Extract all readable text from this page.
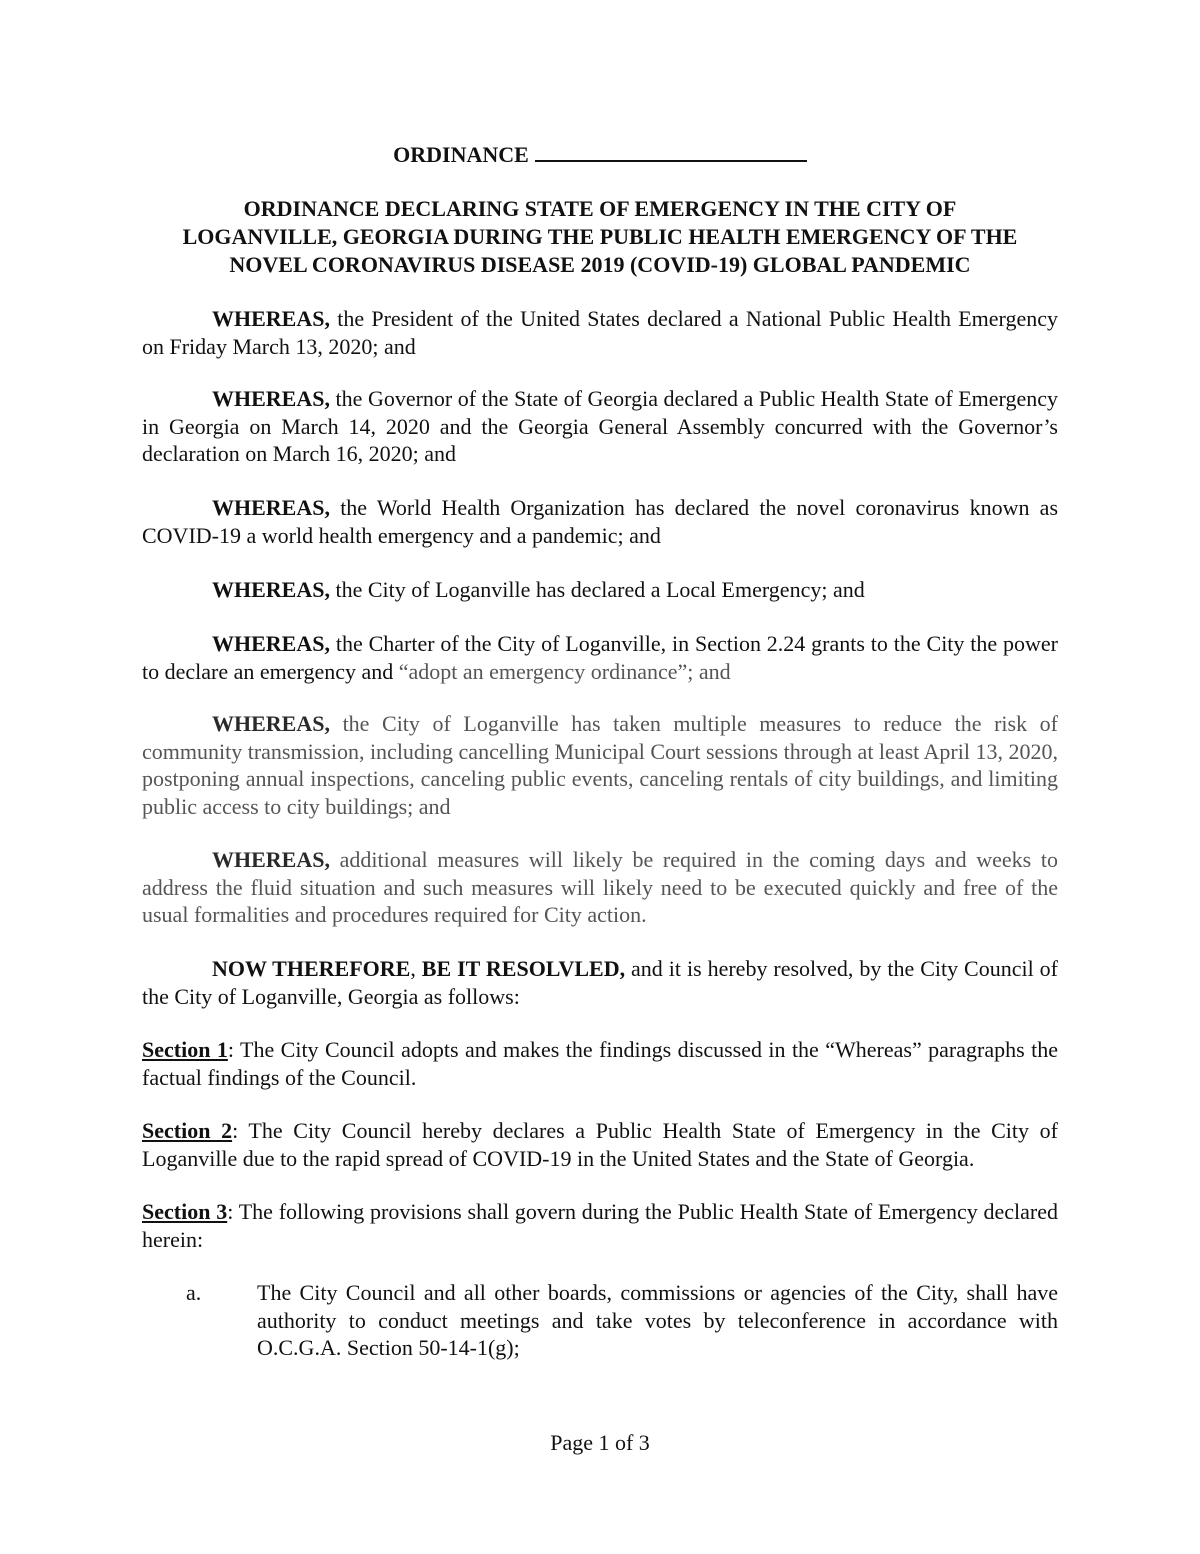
ORDINANCE
ORDINANCE DECLARING STATE OF EMERGENCY IN THE CITY OF
LOGANVILLE, GEORGIA DURING THE PUBLIC HEALTH EMERGENCY OF THE
NOVEL CORONAVIRUS DISEASE 2019 (COVID-19) GLOBAL PANDEMIC
WHEREAS, the President of the United States declared a National Public Health Emergency on Friday March 13, 2020; and
WHEREAS, the Governor of the State of Georgia declared a Public Health State of Emergency in Georgia on March 14, 2020 and the Georgia General Assembly concurred with the Governor’s declaration on March 16, 2020; and
WHEREAS, the World Health Organization has declared the novel coronavirus known as COVID-19 a world health emergency and a pandemic; and
WHEREAS, the City of Loganville has declared a Local Emergency; and
WHEREAS, the Charter of the City of Loganville, in Section 2.24 grants to the City the power to declare an emergency and “adopt an emergency ordinance”; and
WHEREAS, the City of Loganville has taken multiple measures to reduce the risk of community transmission, including cancelling Municipal Court sessions through at least April 13, 2020, postponing annual inspections, canceling public events, canceling rentals of city buildings, and limiting public access to city buildings; and
WHEREAS, additional measures will likely be required in the coming days and weeks to address the fluid situation and such measures will likely need to be executed quickly and free of the usual formalities and procedures required for City action.
NOW THEREFORE, BE IT RESOLVLED, and it is hereby resolved, by the City Council of the City of Loganville, Georgia as follows:
Section 1: The City Council adopts and makes the findings discussed in the “Whereas” paragraphs the factual findings of the Council.
Section 2: The City Council hereby declares a Public Health State of Emergency in the City of Loganville due to the rapid spread of COVID-19 in the United States and the State of Georgia.
Section 3: The following provisions shall govern during the Public Health State of Emergency declared herein:
a.	The City Council and all other boards, commissions or agencies of the City, shall have authority to conduct meetings and take votes by teleconference in accordance with O.C.G.A. Section 50-14-1(g);
Page 1 of 3
